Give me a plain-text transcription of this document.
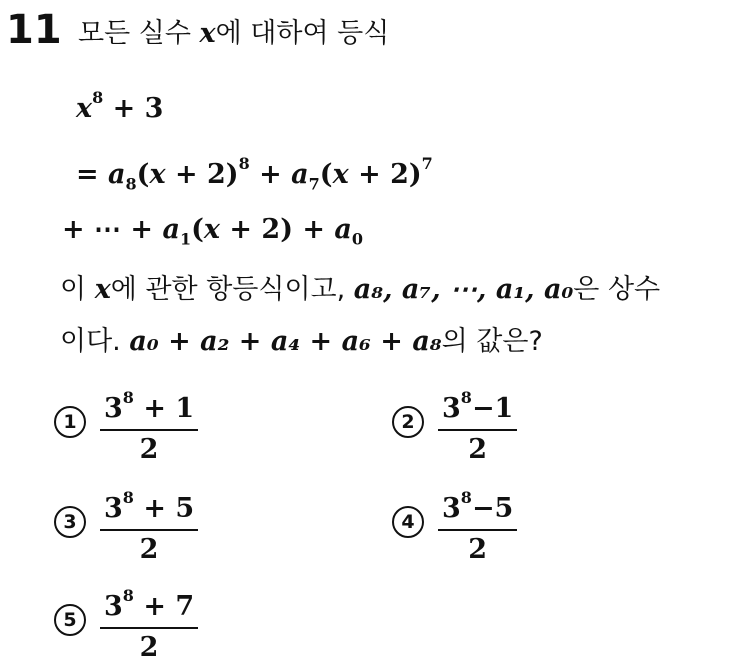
11 모든 실수 x에 대하여 등식
$x^8 + 3$
= $a_8(x + 2)^8 + a_7(x + 2)^7$
+ ⋯ + $a_1(x + 2) + a_0$
이 x에 관한 항등식이고, a₈, a₇, ⋯, a₁, a₀은 상수
이다. a₀ + a₂ + a₄ + a₆ + a₈의 값은?
$1 \frac{3^8 + 1}{2}$	$2 \frac{3^8-1}{2}$
$3 \frac{3^8 + 5}{2}$	$4 \frac{3^8-5}{2}$
$5 \frac{3^8 + 7}{2}$
